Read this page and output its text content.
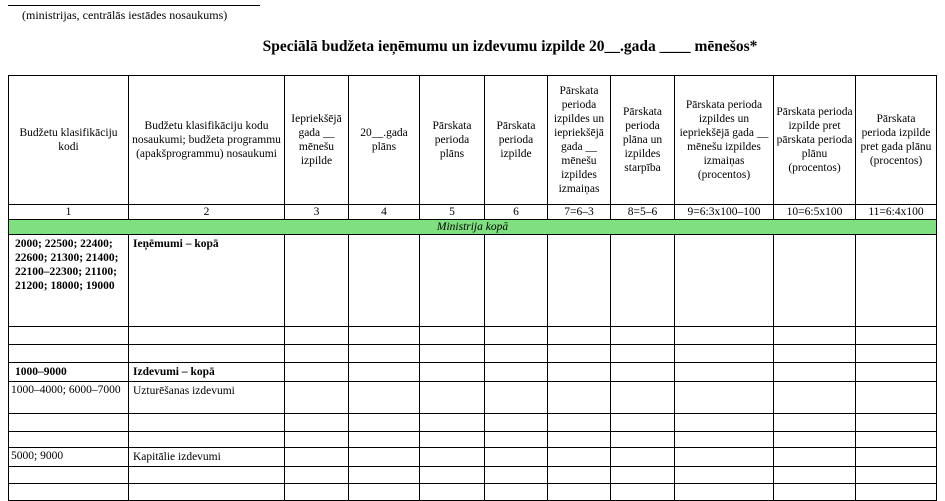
(ministrijas, centrālās iestādes nosaukums)
Speciālā budžeta ieņēmumu un izdevumu izpilde 20__.gada ____ mēnešos*
Budžetu klasifikāciju kodi	Budžetu klasifikāciju kodu nosaukumi; budžeta programmu (apakšprogrammu) nosaukumi	Iepriekšējā gada __ mēnešu izpilde	20__.gada plāns	Pārskata perioda plāns	Pārskata perioda izpilde	Pārskata perioda izpildes un iepriekšējā gada __ mēnešu izpildes izmaiņas	Pārskata perioda plāna un izpildes starpība	Pārskata perioda izpildes un iepriekšējā gada __ mēnešu izpildes izmaiņas (procentos)	Pārskata perioda izpilde pret pārskata perioda plānu (procentos)	Pārskata perioda izpilde pret gada plānu (procentos)
1	2	3	4	5	6	7=6–3	8=5–6	9=6:3x100–100	10=6:5x100	11=6:4x100
Ministrija kopā										
2000; 22500; 22400; 22600; 21300; 21400; 22100–22300; 21100; 21200; 18000; 19000	Ieņēmumi – kopā									

1000–9000	Izdevumi – kopā									
1000–4000; 6000–7000	Uzturēšanas izdevumi									

5000; 9000	Kapitālie izdevumi									
